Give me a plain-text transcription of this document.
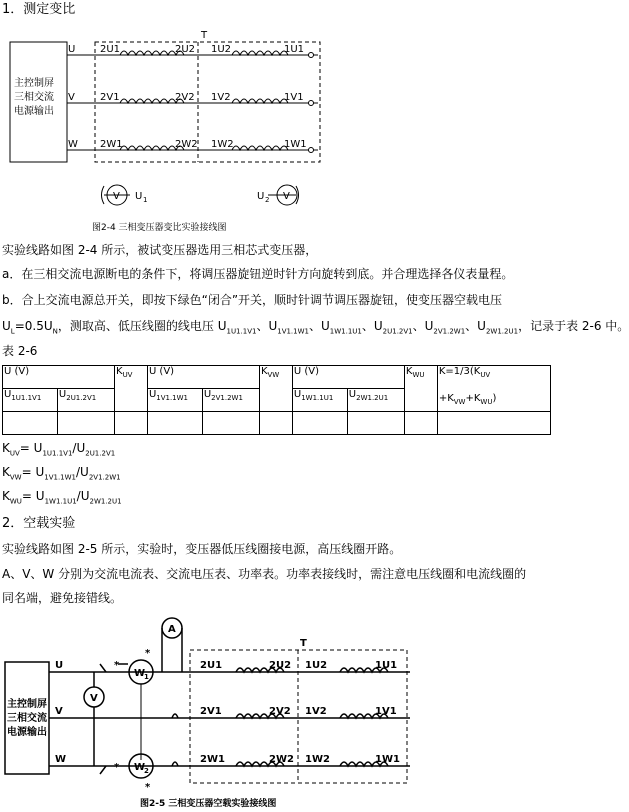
1．测定变比
主控制屏
三相交流
电源输出
U
V
W
2U1
2V1
2W1
2U2
2V2
2W2
T
1U2
1V2
1W2
1U1
1V1
1W1
V U 1	V
U 2
图2-4 三相变压器变比实验接线图
实验线路如图 2-4 所示，被试变压器选用三相芯式变压器，
a．在三相交流电源断电的条件下，将调压器旋钮逆时针方向旋转到底。并合理选择各仪表量程。
b．合上交流电源总开关，即按下绿色“闭合”开关，顺时针调节调压器旋钮，使变压器空载电压
$U_L=0.5U_N$，测取高、低压线圈的线电压 $U_{1U1.1V1}$、$U_{1V1.1W1}$、$U_{1W1.1U1}$、$U_{2U1.2V1}$、$U_{2V1.2W1}$、$U_{2W1.2U1}$，记录于表 2-6 中。
表 2-6
U (V)		$K_{UV}$	U (V)		$K_{VW}$	U (V)		$K_{WU}$	$K=1/3(K_{UV}$

$+K_{VW}+K_{WU}$)
$U_{1U1.1V1}$	$U_{2U1.2V1}$		$U_{1V1.1W1}$	$U_{2V1.2W1}$		$U_{1W1.1U1}$	$U_{2W1.2U1}$

$K_{UV}= U_{1U1.1V1}/U_{2U1.2V1}$
$K_{VW}= U_{1V1.1W1}/U_{2V1.2W1}$
$K_{WU}= U_{1W1.1U1}/U_{2W1.2U1}$
2．空载实验
实验线路如图 2-5 所示，实验时，变压器低压线圈接电源，高压线圈开路。
A、V、W 分别为交流电流表、交流电压表、功率表。功率表接线时，需注意电压线圈和电流线圈的
同名端，避免接错线。
主控制屏
三相交流
电源输出
U
V
W
V
W
1
W
2
A
*
*
*
*
2U1
2V1
2W1
2U2
2V2
2W2
T
1U2
1V2
1W2
1U1
1V1
1W1
图2-5 三相变压器空载实验接线图
